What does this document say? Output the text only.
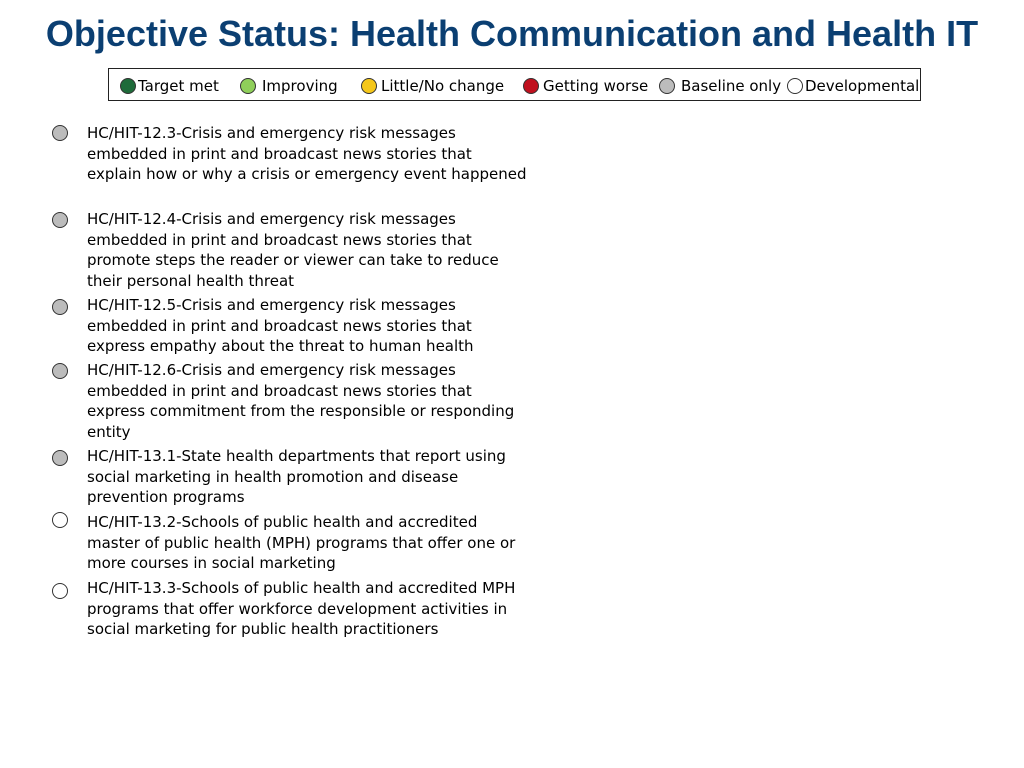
Objective Status: Health Communication and Health IT
Target met	Improving	Little/No change	Getting worse Baseline only Developmental
HC/HIT-12.3-Crisis and emergency risk messages embedded in print and broadcast news stories that explain how or why a crisis or emergency event happened
HC/HIT-12.4-Crisis and emergency risk messages embedded in print and broadcast news stories that promote steps the reader or viewer can take to reduce their personal health threat
HC/HIT-12.5-Crisis and emergency risk messages embedded in print and broadcast news stories that express empathy about the threat to human health
HC/HIT-12.6-Crisis and emergency risk messages embedded in print and broadcast news stories that express commitment from the responsible or responding entity
HC/HIT-13.1-State health departments that report using social marketing in health promotion and disease prevention programs
HC/HIT-13.2-Schools of public health and accredited master of public health (MPH) programs that offer one or more courses in social marketing
HC/HIT-13.3-Schools of public health and accredited MPH programs that offer workforce development activities in social marketing for public health practitioners
